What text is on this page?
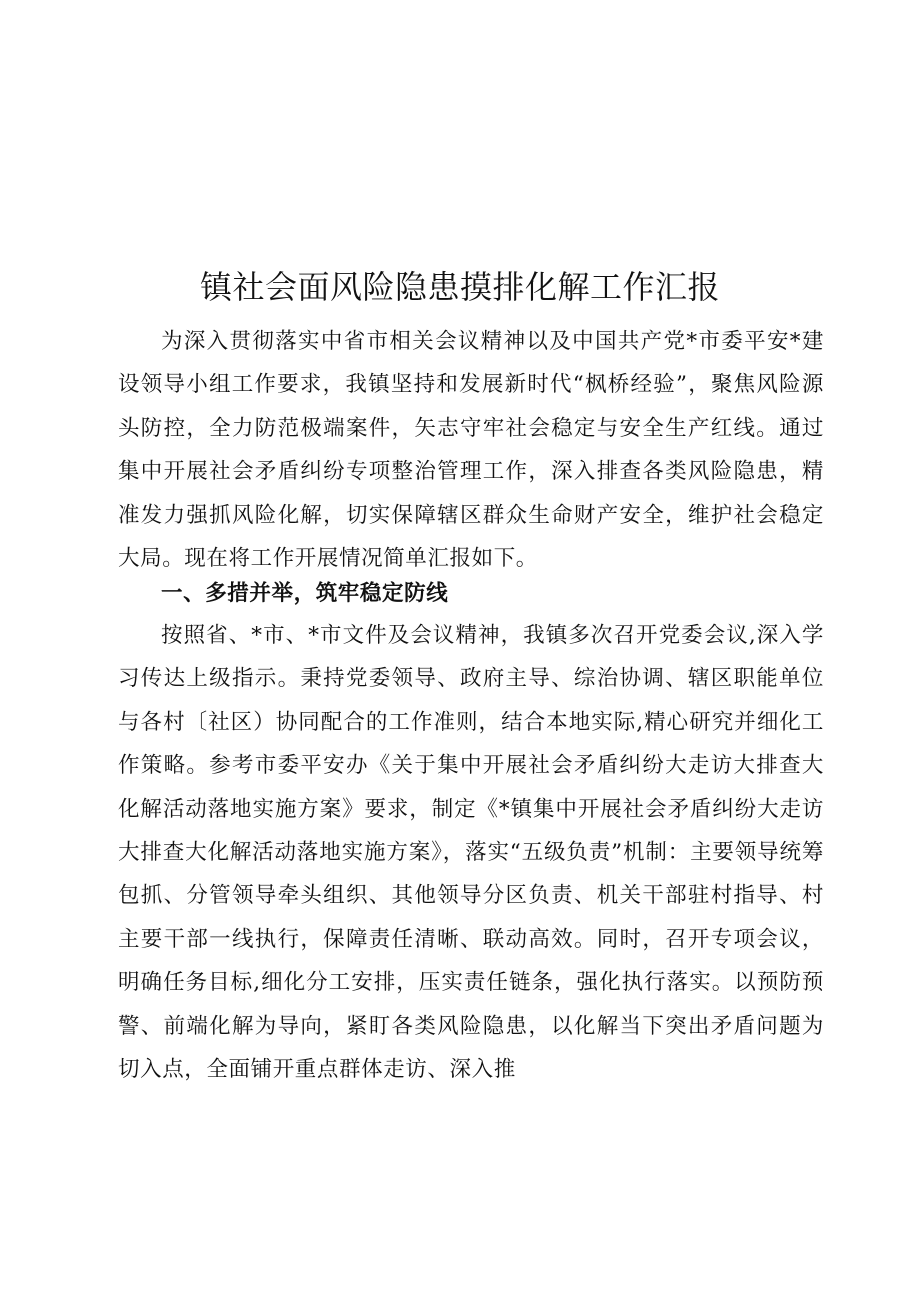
镇社会面风险隐患摸排化解工作汇报

为深入贯彻落实中省市相关会议精神以及中国共产党*市委平安*建设领导小组工作要求，我镇坚持和发展新时代“枫桥经验”，聚焦风险源头防控，全力防范极端案件，矢志守牢社会稳定与安全生产红线。通过集中开展社会矛盾纠纷专项整治管理工作，深入排查各类风险隐患，精准发力强抓风险化解，切实保障辖区群众生命财产安全，维护社会稳定大局。现在将工作开展情况简单汇报如下。

一、多措并举，筑牢稳定防线

按照省、*市、*市文件及会议精神，我镇多次召开党委会议,深入学习传达上级指示。秉持党委领导、政府主导、综治协调、辖区职能单位与各村〔社区）协同配合的工作准则，结合本地实际,精心研究并细化工作策略。参考市委平安办《关于集中开展社会矛盾纠纷大走访大排查大化解活动落地实施方案》要求，制定《*镇集中开展社会矛盾纠纷大走访大排查大化解活动落地实施方案》，落实“五级负责”机制：主要领导统筹包抓、分管领导牵头组织、其他领导分区负责、机关干部驻村指导、村主要干部一线执行，保障责任清晰、联动高效。同时，召开专项会议，明确任务目标,细化分工安排，压实责任链条，强化执行落实。以预防预警、前端化解为导向，紧盯各类风险隐患，以化解当下突出矛盾问题为切入点，全面铺开重点群体走访、深入推
